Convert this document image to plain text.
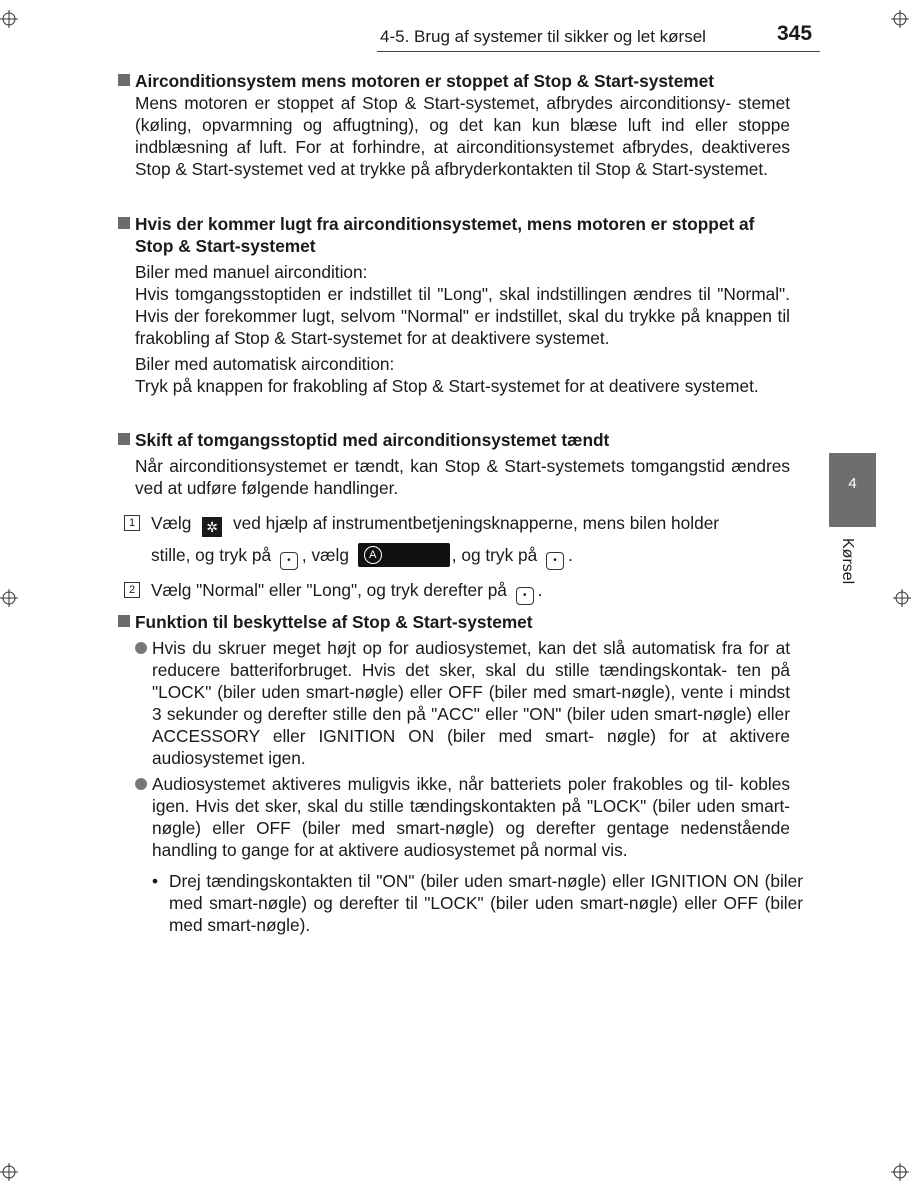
4-5. Brug af systemer til sikker og let kørsel	345
Airconditionsystem mens motoren er stoppet af Stop & Start-systemet
Mens motoren er stoppet af Stop & Start-systemet, afbrydes airconditionsy- stemet (køling, opvarmning og affugtning), og det kan kun blæse luft ind eller stoppe indblæsning af luft. For at forhindre, at airconditionsystemet afbrydes, deaktiveres Stop & Start-systemet ved at trykke på afbryderkontakten til Stop & Start-systemet.
Hvis der kommer lugt fra airconditionsystemet, mens motoren er stoppet af Stop & Start-systemet
Biler med manuel aircondition:
Hvis tomgangsstoptiden er indstillet til "Long", skal indstillingen ændres til "Normal". Hvis der forekommer lugt, selvom "Normal" er indstillet, skal du trykke på knappen til frakobling af Stop & Start-systemet for at deaktivere systemet.
Biler med automatisk aircondition:
Tryk på knappen for frakobling af Stop & Start-systemet for at deativere systemet.
Skift af tomgangsstoptid med airconditionsystemet tændt
Når airconditionsystemet er tændt, kan Stop & Start-systemets tomgangstid ændres ved at udføre følgende handlinger.
1 Vælg ✲ ved hjælp af instrumentbetjeningsknapperne, mens bilen holder
stille, og tryk på • , vælg	A	, og tryk på • .
2 Vælg "Normal" eller "Long", og tryk derefter på • .
Funktion til beskyttelse af Stop & Start-systemet
Hvis du skruer meget højt op for audiosystemet, kan det slå automatisk fra for at reducere batteriforbruget. Hvis det sker, skal du stille tændingskontak- ten på "LOCK" (biler uden smart-nøgle) eller OFF (biler med smart-nøgle), vente i mindst 3 sekunder og derefter stille den på "ACC" eller "ON" (biler uden smart-nøgle) eller ACCESSORY eller IGNITION ON (biler med smart- nøgle) for at aktivere audiosystemet igen.
Audiosystemet aktiveres muligvis ikke, når batteriets poler frakobles og til- kobles igen. Hvis det sker, skal du stille tændingskontakten på "LOCK" (biler uden smart-nøgle) eller OFF (biler med smart-nøgle) og derefter gentage nedenstående handling to gange for at aktivere audiosystemet på normal vis.
• Drej tændingskontakten til "ON" (biler uden smart-nøgle) eller IGNITION ON (biler med smart-nøgle) og derefter til "LOCK" (biler uden smart-nøgle) eller OFF (biler med smart-nøgle).
4
Kørsel
